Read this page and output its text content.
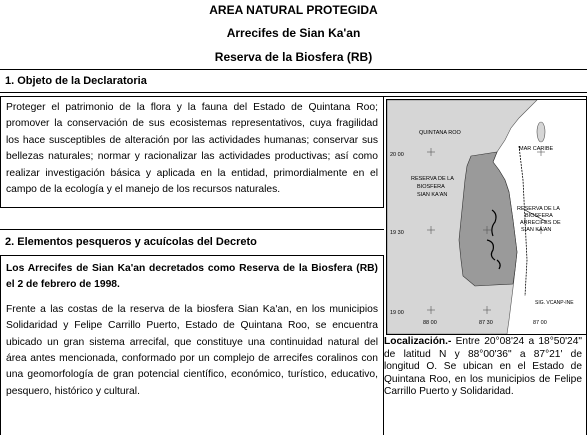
AREA NATURAL PROTEGIDA
Arrecifes de Sian Ka'an
Reserva de la Biosfera (RB)
1. Objeto de la Declaratoria
Proteger el patrimonio de la flora y la fauna del Estado de Quintana Roo; promover la conservación de sus ecosistemas representativos, cuya fragilidad los hace susceptibles de alteración por las actividades humanas; conservar sus bellezas naturales; normar y racionalizar las actividades productivas; así como realizar investigación básica y aplicada en la entidad, primordialmente en el campo de la ecología y el manejo de los recursos naturales.
2. Elementos pesqueros y acuícolas del Decreto
Los Arrecifes de Sian Ka'an decretados como Reserva de la Biosfera (RB) el 2 de febrero de 1998.
Frente a las costas de la reserva de la biosfera Sian Ka'an, en los municipios Solidaridad y Felipe Carrillo Puerto, Estado de Quintana Roo, se encuentra ubicado un gran sistema arrecifal, que constituye una continuidad natural del área antes mencionada, conformado por un complejo de arrecifes coralinos con una geomorfología de gran potencial científico, económico, turístico, educativo, pesquero, histórico y cultural.
QUINTANA ROO
MAR CARIBE
RESERVA DE LA
BIOSFERA
SIAN KA'AN
RESERVA DE LA
BIOSFERA
ARRECIFES DE
SIAN KA'AN
20 00
19 30
19 00
88 00	87 30	87 00
SIG. VCANP-INE
Localización.- Entre 20°08'24 a 18°50'24" de latitud N y 88°00'36" a 87°21' de longitud O. Se ubican en el Estado de Quintana Roo, en los municipios de Felipe Carrillo Puerto y Solidaridad.
